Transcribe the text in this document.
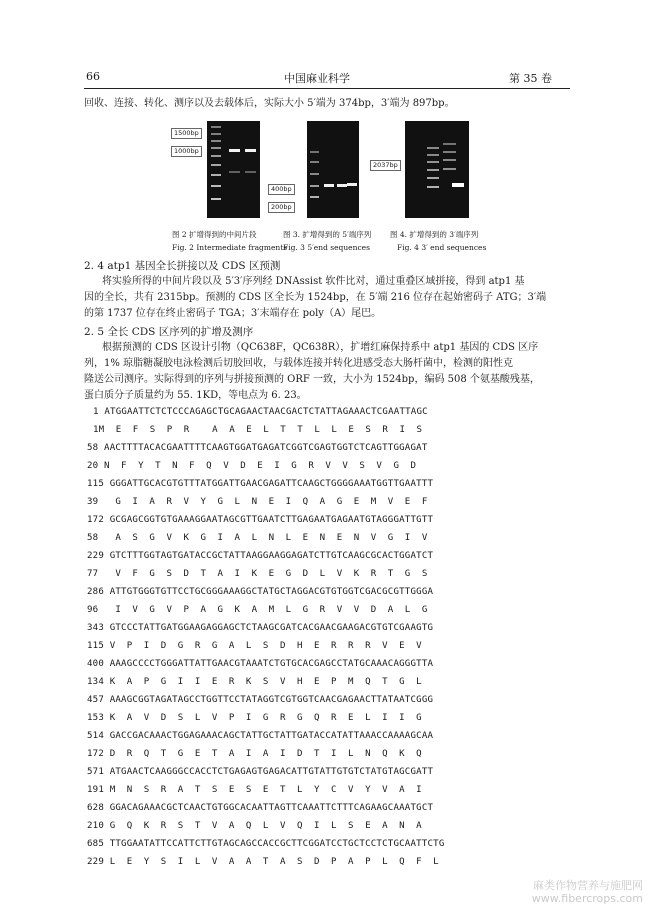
66	中国麻业科学	第 35 卷
回收、连接、转化、测序以及去载体后，实际大小 5′端为 374bp，3′端为 897bp。
1500bp
1000bp
400bp
200bp
2037bp
图 2 扩增得到的中间片段	图 3. 扩增得到的 5′端序列 图 4. 扩增得到的 3′端序列
Fig. 2 Intermediate fragments
Fig. 3 5′end sequences	Fig. 4 3′ end sequences
2. 4 atp1 基因全长拼接以及 CDS 区预测
将实验所得的中间片段以及 5′3′序列经 DNAssist 软件比对，通过重叠区域拼接，得到 atp1 基
因的全长，共有 2315bp。预测的 CDS 区全长为 1524bp，在 5′端 216 位存在起始密码子 ATG；3′端
的第 1737 位存在终止密码子 TGA；3′末端存在 poly（A）尾巴。
2. 5 全长 CDS 区序列的扩增及测序
根据预测的 CDS 区设计引物（QC638F，QC638R），扩增红麻保持系中 atp1 基因的 CDS 区序
列，1% 琼脂糖凝胶电泳检测后切胶回收，与载体连接并转化进感受态大肠杆菌中，检测的阳性克
隆送公司测序。实际得到的序列与拼接预测的 ORF 一致，大小为 1524bp，编码 508 个氨基酸残基，
蛋白质分子质量约为 55. 1KD，等电点为 6. 23。
1 ATGGAATTCTCTCCCAGAGCTGCAGAACTAACGACTCTATTAGAAACTCGAATTAGC
1M  E  F  S  P  R    A  A  E  L  T  T  L  L  E  S  R  I  S
58 AACTTTTACACGAATTTTCAAGTGGATGAGATCGGTCGAGTGGTCTCAGTTGGAGAT
20 N  F  Y  T  N  F  Q  V  D  E  I  G  R  V  V  S  V  G  D
115 GGGATTGCACGTGTTTATGGATTGAACGAGATTCAAGCTGGGGAAATGGTTGAATTT
39   G  I  A  R  V  Y  G  L  N  E  I  Q  A  G  E  M  V  E  F
172 GCGAGCGGTGTGAAAGGAATAGCGTTGAATCTTGAGAATGAGAATGTAGGGATTGTT
58   A  S  G  V  K  G  I  A  L  N  L  E  N  E  N  V  G  I  V
229 GTCTTTGGTAGTGATACCGCTATTAAGGAAGGAGATCTTGTCAAGCGCACTGGATCT
77   V  F  G  S  D  T  A  I  K  E  G  D  L  V  K  R  T  G  S
286 ATTGTGGGTGTTCCTGCGGGAAAGGCTATGCTAGGACGTGTGGTCGACGCGTTGGGA
96   I  V  G  V  P  A  G  K  A  M  L  G  R  V  V  D  A  L  G
343 GTCCCTATTGATGGAAGAGGAGCTCTAAGCGATCACGAACGAAGACGTGTCGAAGTG
115 V  P  I  D  G  R  G  A  L  S  D  H  E  R  R  R  V  E  V
400 AAAGCCCCTGGGATTATTGAACGTAAATCTGTGCACGAGCCTATGCAAACAGGGTTA
134 K  A  P  G  I  I  E  R  K  S  V  H  E  P  M  Q  T  G  L
457 AAAGCGGTAGATAGCCTGGTTCCTATAGGTCGTGGTCAACGAGAACTTATAATCGGG
153 K  A  V  D  S  L  V  P  I  G  R  G  Q  R  E  L  I  I  G
514 GACCGACAAACTGGAGAAACAGCTATTGCTATTGATACCATATTAAACCAAAAGCAA
172 D  R  Q  T  G  E  T  A  I  A  I  D  T  I  L  N  Q  K  Q
571 ATGAACTCAAGGGCCACCTCTGAGAGTGAGACATTGTATTGTGTCTATGTAGCGATT
191 M  N  S  R  A  T  S  E  S  E  T  L  Y  C  V  Y  V  A  I
628 GGACAGAAACGCTCAACTGTGGCACAATTAGTTCAAATTCTTTCAGAAGCAAATGCT
210 G  Q  K  R  S  T  V  A  Q  L  V  Q  I  L  S  E  A  N  A
685 TTGGAATATTCCATTCTTGTAGCAGCCACCGCTTCGGATCCTGCTCCTCTGCAATTCTG
229 L  E  Y  S  I  L  V  A  A  T  A  S  D  P  A  P  L  Q  F  L
麻类作物营养与施肥网
www.fibercrops.com
